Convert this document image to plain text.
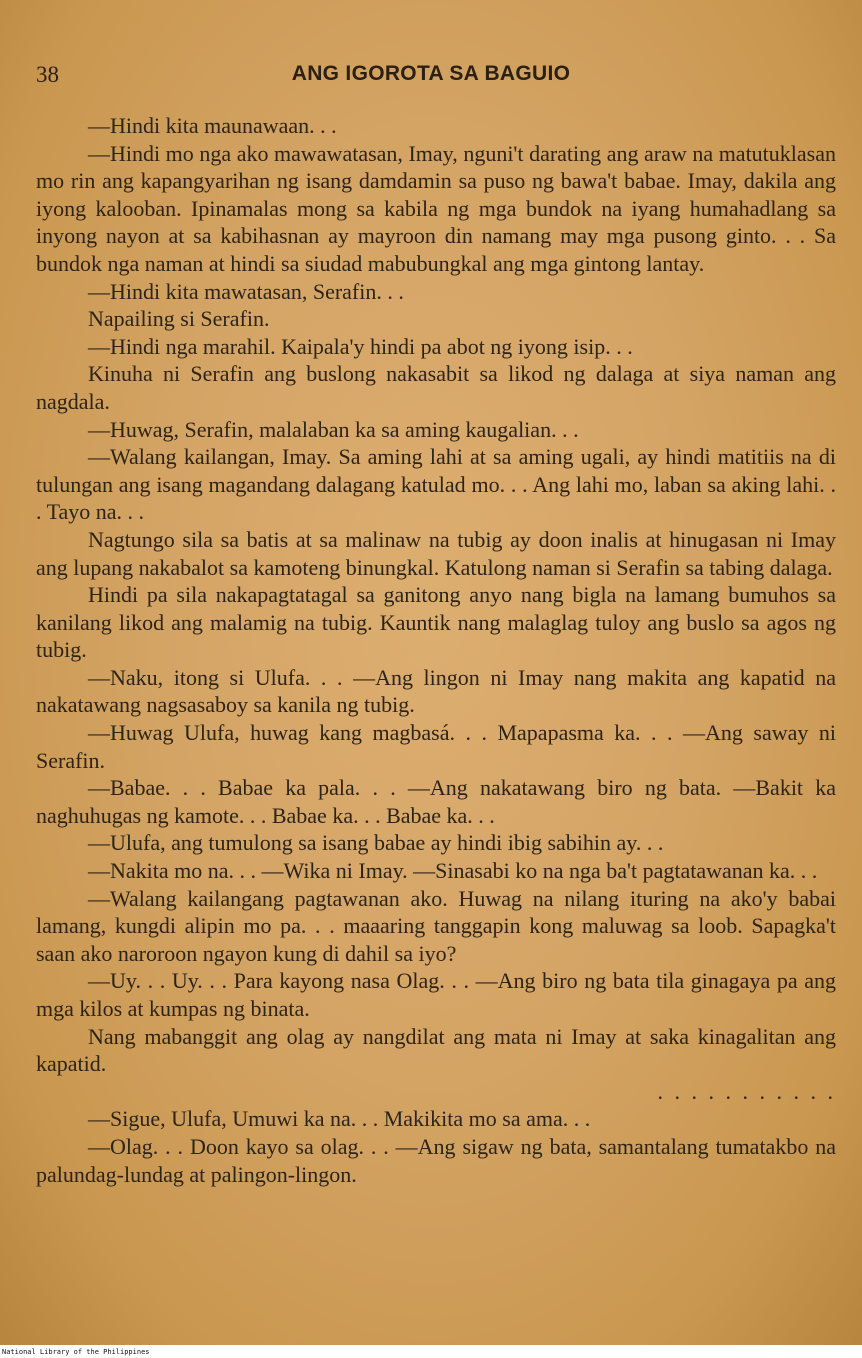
38	ANG IGOROTA SA BAGUIO

—Hindi kita maunawaan. . .

—Hindi mo nga ako mawawatasan, Imay, nguni't darating ang araw na matutuklasan mo rin ang kapangyarihan ng isang damdamin sa puso ng bawa't babae. Imay, dakila ang iyong kalooban. Ipinamalas mong sa kabila ng mga bundok na iyang humahadlang sa inyong nayon at sa kabihasnan ay mayroon din namang may mga pusong ginto. . . Sa bundok nga naman at hindi sa siudad mabubungkal ang mga gintong lantay.

—Hindi kita mawatasan, Serafin. . .

Napailing si Serafin.

—Hindi nga marahil. Kaipala'y hindi pa abot ng iyong isip. . .

Kinuha ni Serafin ang buslong nakasabit sa likod ng dalaga at siya naman ang nagdala.

—Huwag, Serafin, malalaban ka sa aming kaugalian. . .

—Walang kailangan, Imay. Sa aming lahi at sa aming ugali, ay hindi matitiis na di tulungan ang isang magandang dalagang katulad mo. . . Ang lahi mo, laban sa aking lahi. . . Tayo na. . .

Nagtungo sila sa batis at sa malinaw na tubig ay doon inalis at hinugasan ni Imay ang lupang nakabalot sa kamoteng binungkal. Katulong naman si Serafin sa tabing dalaga.

Hindi pa sila nakapagtatagal sa ganitong anyo nang bigla na lamang bumuhos sa kanilang likod ang malamig na tubig. Kauntik nang malaglag tuloy ang buslo sa agos ng tubig.

—Naku, itong si Ulufa. . . —Ang lingon ni Imay nang makita ang kapatid na nakatawang nagsasaboy sa kanila ng tubig.

—Huwag Ulufa, huwag kang magbasá. . . Mapapasma ka. . . —Ang saway ni Serafin.

—Babae. . . Babae ka pala. . . —Ang nakatawang biro ng bata. —Bakit ka naghuhugas ng kamote. . . Babae ka. . . Babae ka. . .

—Ulufa, ang tumulong sa isang babae ay hindi ibig sabihin ay. . .

—Nakita mo na. . . —Wika ni Imay. —Sinasabi ko na nga ba't pagtatawanan ka. . .

—Walang kailangang pagtawanan ako. Huwag na nilang ituring na ako'y babai lamang, kungdi alipin mo pa. . . maaaring tanggapin kong maluwag sa loob. Sapagka't saan ako naroroon ngayon kung di dahil sa iyo?

—Uy. . . Uy. . . Para kayong nasa Olag. . . —Ang biro ng bata tila ginagaya pa ang mga kilos at kumpas ng binata.

Nang mabanggit ang olag ay nangdilat ang mata ni Imay at saka kinagalitan ang kapatid.

. . . . . . . . . . .

—Sigue, Ulufa, Umuwi ka na. . . Makikita mo sa ama. . .

—Olag. . . Doon kayo sa olag. . . —Ang sigaw ng bata, samantalang tumatakbo na palundag-lundag at palingon-lingon.

National Library of the Philippines
